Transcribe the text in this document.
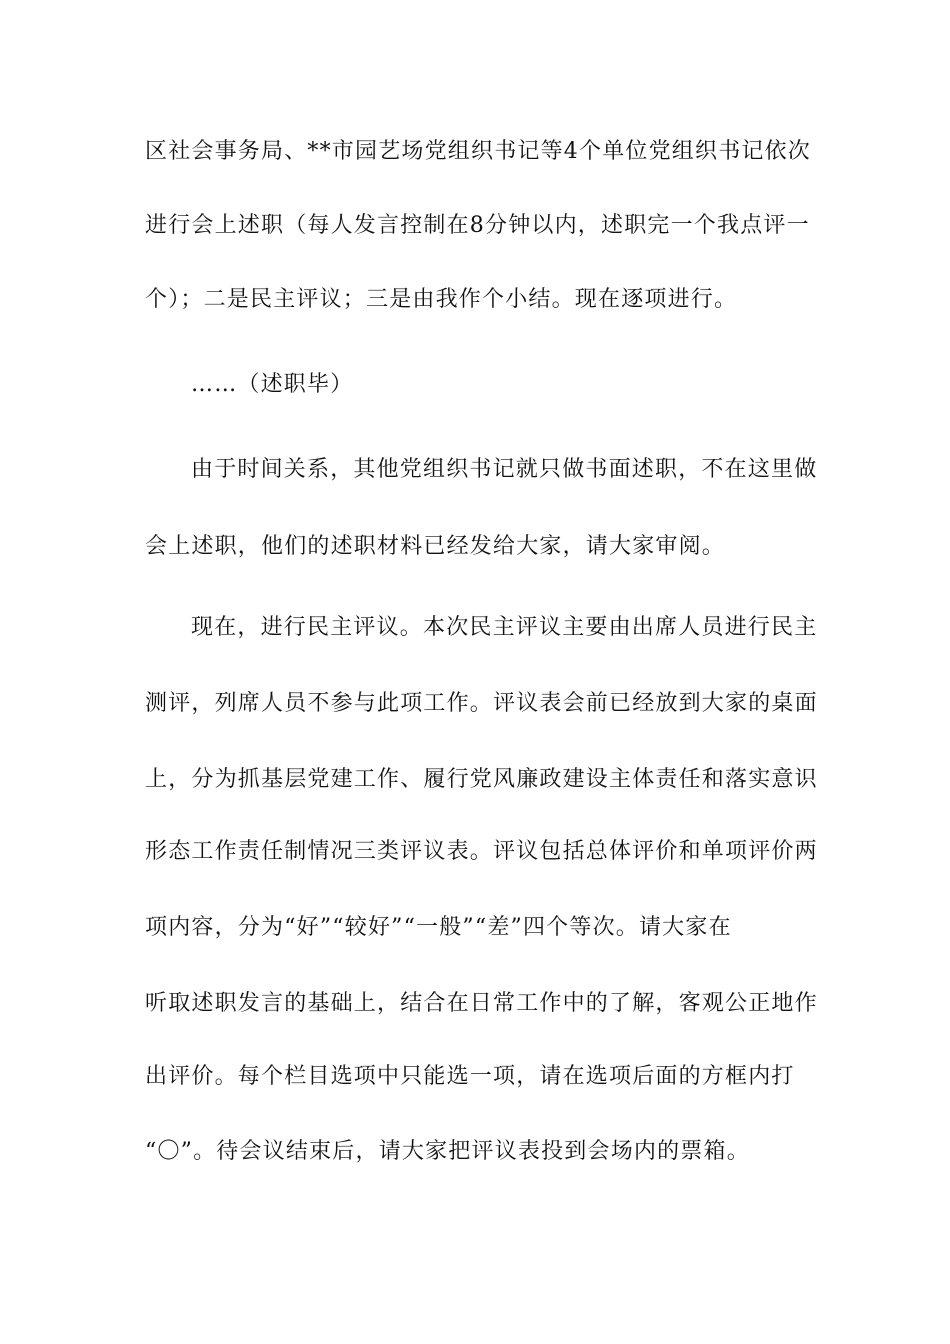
区社会事务局、**市园艺场党组织书记等4个单位党组织书记依次
进行会上述职（每人发言控制在8分钟以内，述职完一个我点评一
个）；二是民主评议；三是由我作个小结。现在逐项进行。
……（述职毕）
由于时间关系，其他党组织书记就只做书面述职，不在这里做
会上述职，他们的述职材料已经发给大家，请大家审阅。
现在，进行民主评议。本次民主评议主要由出席人员进行民主
测评，列席人员不参与此项工作。评议表会前已经放到大家的桌面
上，分为抓基层党建工作、履行党风廉政建设主体责任和落实意识
形态工作责任制情况三类评议表。评议包括总体评价和单项评价两
项内容，分为“好”“较好”“一般”“差”四个等次。请大家在
听取述职发言的基础上，结合在日常工作中的了解，客观公正地作
出评价。每个栏目选项中只能选一项，请在选项后面的方框内打
“〇”。待会议结束后，请大家把评议表投到会场内的票箱。
